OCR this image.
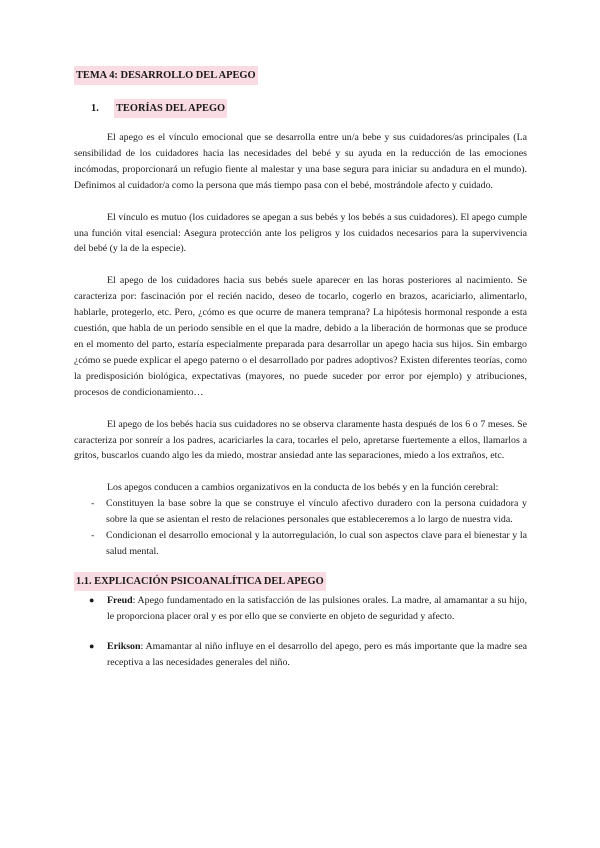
TEMA 4: DESARROLLO DEL APEGO
1. TEORÍAS DEL APEGO

El apego es el vínculo emocional que se desarrolla entre un/a bebe y sus cuidadores/as principales (La sensibilidad de los cuidadores hacia las necesidades del bebé y su ayuda en la reducción de las emociones incómodas, proporcionará un refugio fiente al malestar y una base segura para iniciar su andadura en el mundo). Definimos al cuidador/a como la persona que más tiempo pasa con el bebé, mostrándole afecto y cuidado.

El vínculo es mutuo (los cuidadores se apegan a sus bebés y los bebés a sus cuidadores). El apego cumple una función vital esencial: Asegura protección ante los peligros y los cuidados necesarios para la supervivencia del bebé (y la de la especie).

El apego de los cuidadores hacia sus bebés suele aparecer en las horas posteriores al nacimiento. Se caracteriza por: fascinación por el recién nacido, deseo de tocarlo, cogerlo en brazos, acariciarlo, alimentarlo, hablarle, protegerlo, etc. Pero, ¿cómo es que ocurre de manera temprana? La hipótesis hormonal responde a esta cuestión, que habla de un periodo sensible en el que la madre, debido a la liberación de hormonas que se produce en el momento del parto, estaría especialmente preparada para desarrollar un apego hacia sus hijos. Sin embargo ¿cómo se puede explicar el apego paterno o el desarrollado por padres adoptivos? Existen diferentes teorías, como la predisposición biológica, expectativas (mayores, no puede suceder por error por ejemplo) y atribuciones, procesos de condicionamiento…

El apego de los bebés hacia sus cuidadores no se observa claramente hasta después de los 6 o 7 meses. Se caracteriza por sonreír a los padres, acariciarles la cara, tocarles el pelo, apretarse fuertemente a ellos, llamarlos a gritos, buscarlos cuando algo les da miedo, mostrar ansiedad ante las separaciones, miedo a los extraños, etc.

Los apegos conducen a cambios organizativos en la conducta de los bebés y en la función cerebral:

- Constituyen la base sobre la que se construye el vínculo afectivo duradero con la persona cuidadora y sobre la que se asientan el resto de relaciones personales que estableceremos a lo largo de nuestra vida.
- Condicionan el desarrollo emocional y la autorregulación, lo cual son aspectos clave para el bienestar y la salud mental.
1.1. EXPLICACIÓN PSICOANALÍTICA DEL APEGO
● Freud: Apego fundamentado en la satisfacción de las pulsiones orales. La madre, al amamantar a su hijo, le proporciona placer oral y es por ello que se convierte en objeto de seguridad y afecto.
● Erikson: Amamantar al niño influye en el desarrollo del apego, pero es más importante que la madre sea receptiva a las necesidades generales del niño.
